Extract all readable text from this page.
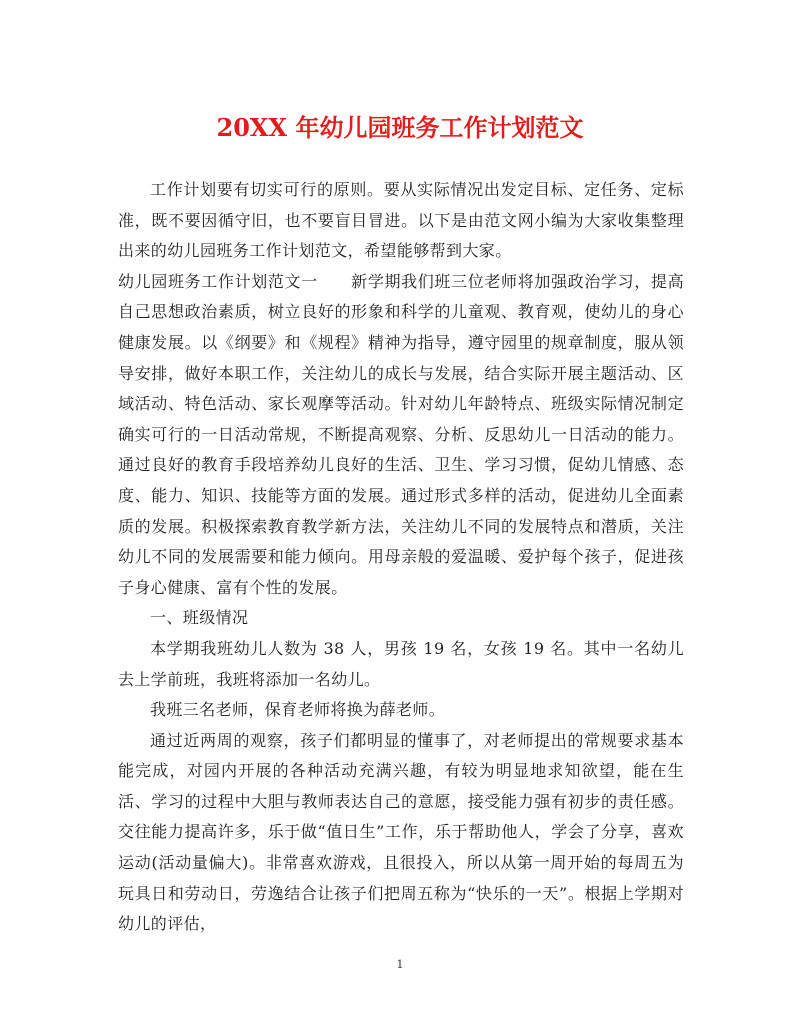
20XX 年幼儿园班务工作计划范文

工作计划要有切实可行的原则。要从实际情况出发定目标、定任务、定标准，既不要因循守旧，也不要盲目冒进。以下是由范文网小编为大家收集整理出来的幼儿园班务工作计划范文，希望能够帮到大家。

幼儿园班务工作计划范文一　　新学期我们班三位老师将加强政治学习，提高自己思想政治素质，树立良好的形象和科学的儿童观、教育观，使幼儿的身心健康发展。以《纲要》和《规程》精神为指导，遵守园里的规章制度，服从领导安排，做好本职工作，关注幼儿的成长与发展，结合实际开展主题活动、区域活动、特色活动、家长观摩等活动。针对幼儿年龄特点、班级实际情况制定确实可行的一日活动常规，不断提高观察、分析、反思幼儿一日活动的能力。通过良好的教育手段培养幼儿良好的生活、卫生、学习习惯，促幼儿情感、态度、能力、知识、技能等方面的发展。通过形式多样的活动，促进幼儿全面素质的发展。积极探索教育教学新方法，关注幼儿不同的发展特点和潜质，关注幼儿不同的发展需要和能力倾向。用母亲般的爱温暖、爱护每个孩子，促进孩子身心健康、富有个性的发展。

一、班级情况

本学期我班幼儿人数为 38 人，男孩 19 名，女孩 19 名。其中一名幼儿去上学前班，我班将添加一名幼儿。

我班三名老师，保育老师将换为薛老师。

通过近两周的观察，孩子们都明显的懂事了，对老师提出的常规要求基本能完成，对园内开展的各种活动充满兴趣，有较为明显地求知欲望，能在生活、学习的过程中大胆与教师表达自己的意愿，接受能力强有初步的责任感。交往能力提高许多，乐于做“值日生”工作，乐于帮助他人，学会了分享，喜欢运动(活动量偏大)。非常喜欢游戏，且很投入，所以从第一周开始的每周五为玩具日和劳动日，劳逸结合让孩子们把周五称为“快乐的一天”。根据上学期对幼儿的评估，

1
